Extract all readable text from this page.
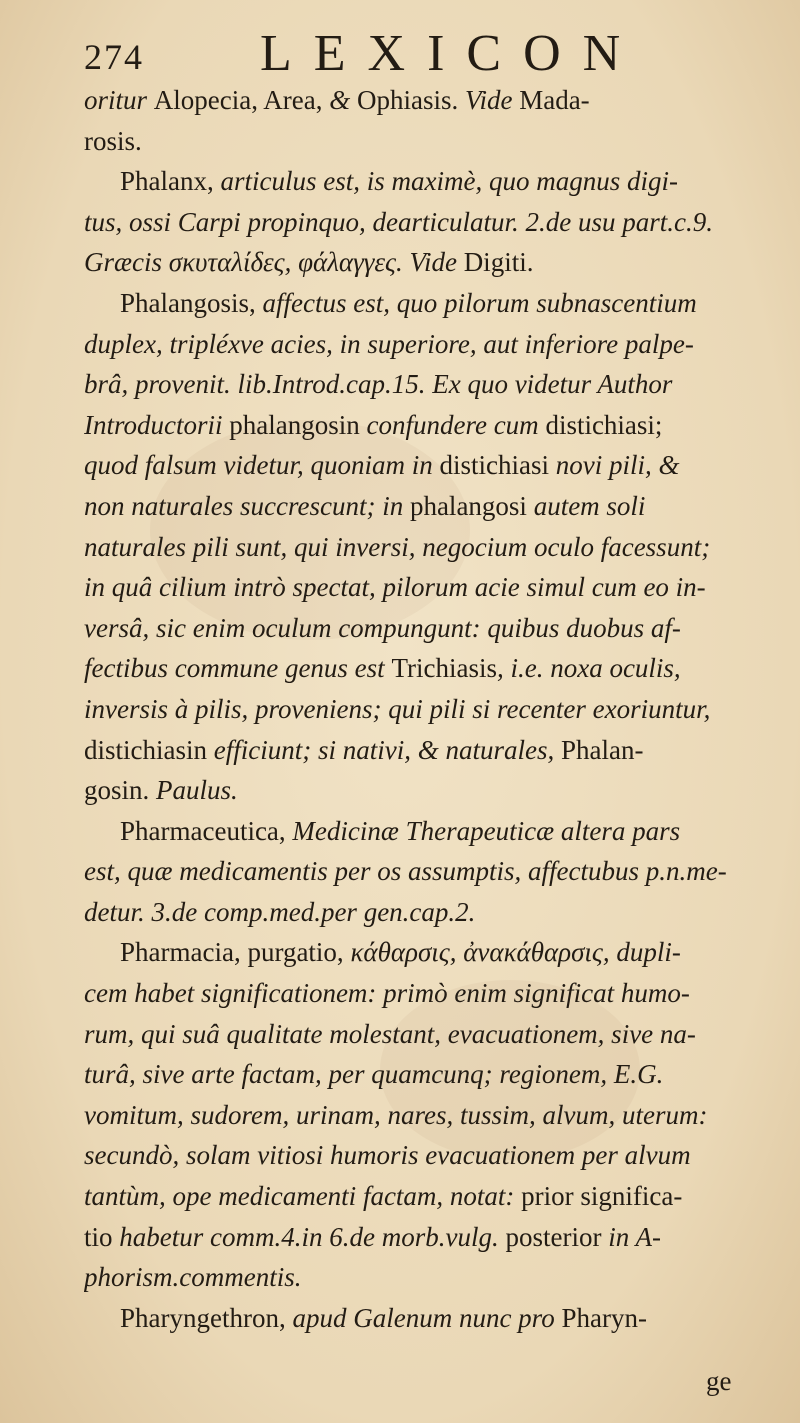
274 LEXICON
oritur Alopecia, Area, & Ophiasis. Vide Mada-
rosis.
Phalanx, articulus est, is maximè, quo magnus digi-
tus, ossi Carpi propinquo, dearticulatur. 2.de usu part.c.9.
Græcis σκυταλίδες, φάλαγγες. Vide Digiti.
Phalangosis, affectus est, quo pilorum subnascentium
duplex, tripléxve acies, in superiore, aut inferiore palpe-
brâ, provenit. lib.Introd.cap.15. Ex quo videtur Author
Introductorii phalangosin confundere cum distichiasi;
quod falsum videtur, quoniam in distichiasi novi pili, &
non naturales succrescunt; in phalangosi autem soli
naturales pili sunt, qui inversi, negocium oculo facessunt;
in quâ cilium intrò spectat, pilorum acie simul cum eo in-
versâ, sic enim oculum compungunt: quibus duobus af-
fectibus commune genus est Trichiasis, i.e. noxa oculis,
inversis à pilis, proveniens; qui pili si recenter exoriuntur,
distichiasin efficiunt; si nativi, & naturales, Phalan-
gosin. Paulus.
Pharmaceutica, Medicinæ Therapeuticæ altera pars
est, quæ medicamentis per os assumptis, affectubus p.n.me-
detur. 3.de comp.med.per gen.cap.2.
Pharmacia, purgatio, κάθαρσις, ἀνακάθαρσις, dupli-
cem habet significationem: primò enim significat humo-
rum, qui suâ qualitate molestant, evacuationem, sive na-
turâ, sive arte factam, per quamcunq; regionem, E.G.
vomitum, sudorem, urinam, nares, tussim, alvum, uterum:
secundò, solam vitiosi humoris evacuationem per alvum
tantùm, ope medicamenti factam, notat: prior significa-
tio habetur comm.4.in 6.de morb.vulg. posterior in A-
phorism.commentis.
Pharyngethron, apud Galenum nunc pro Pharyn-
ge
